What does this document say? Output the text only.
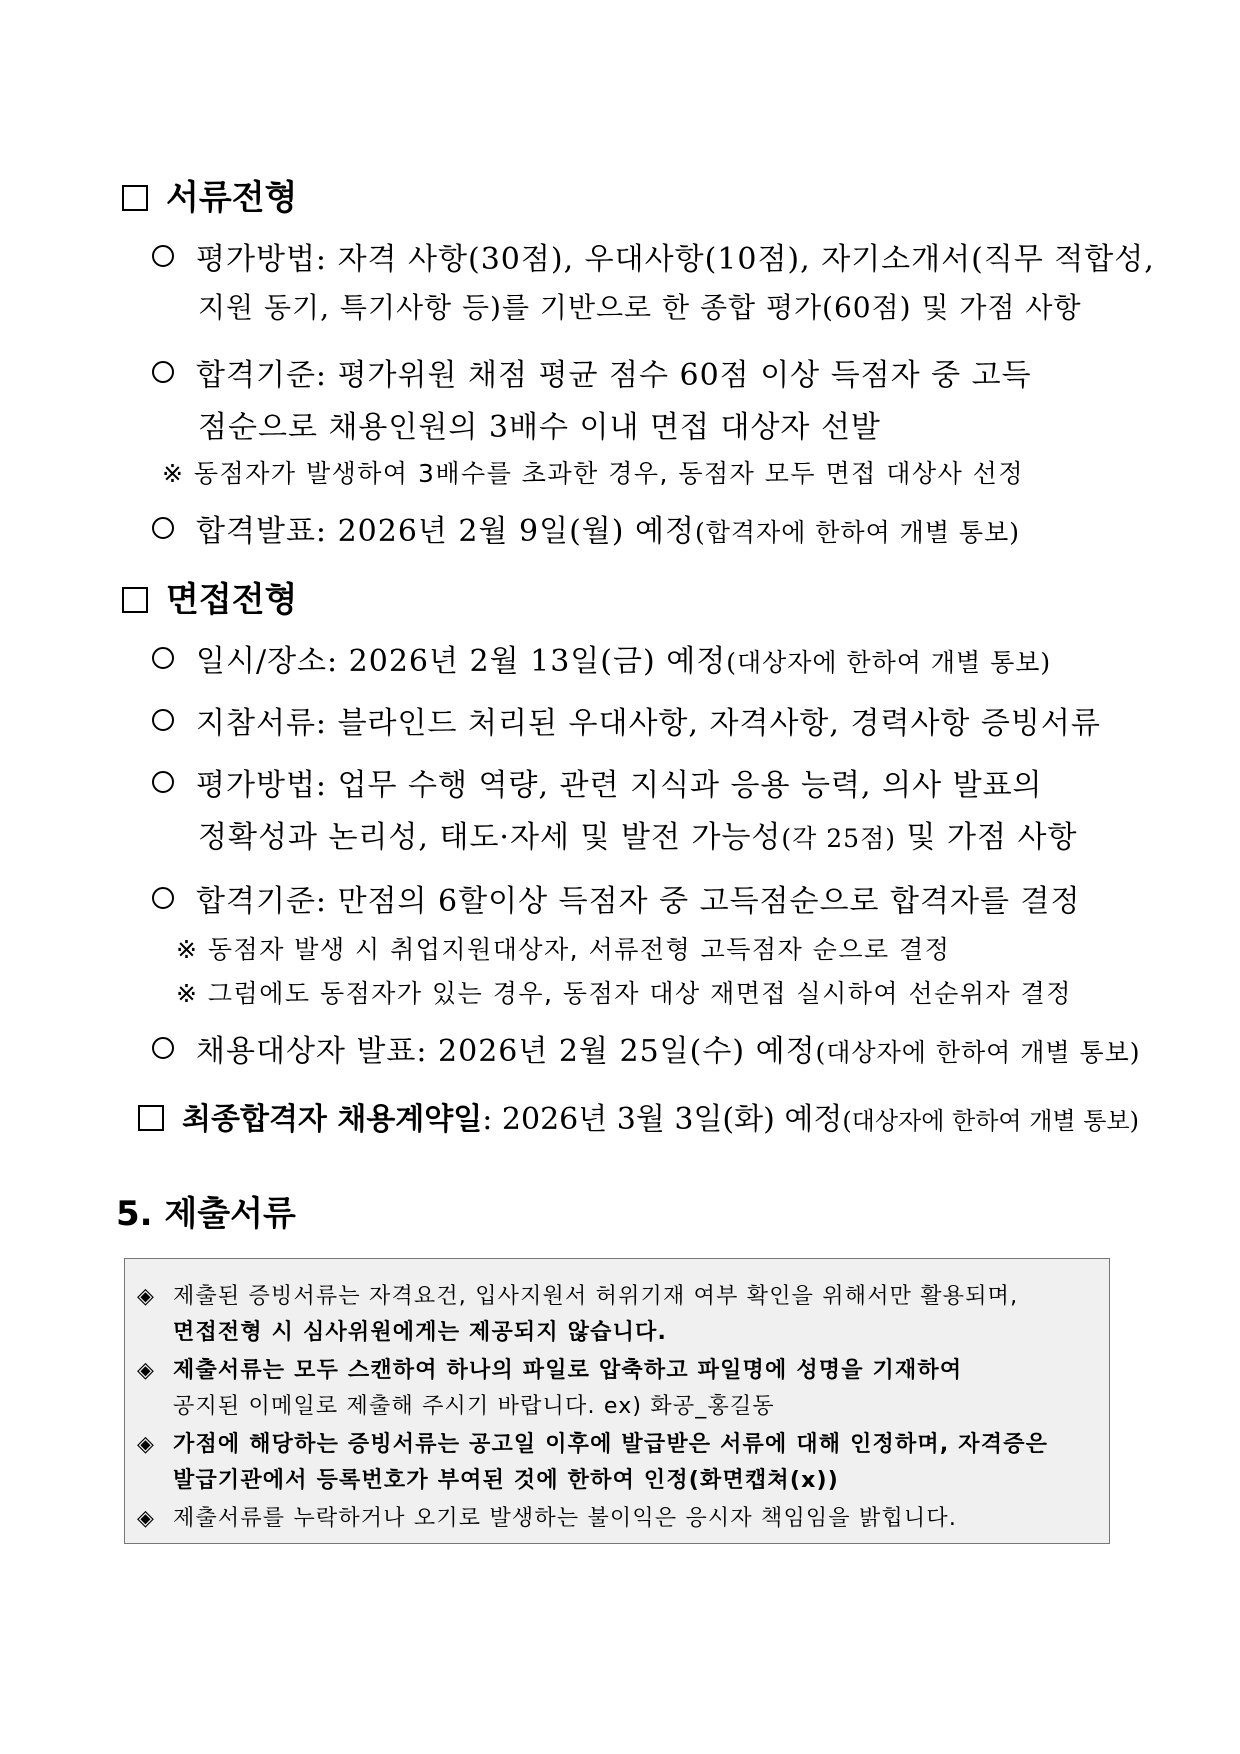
서류전형
평가방법: 자격 사항(30점), 우대사항(10점), 자기소개서(직무 적합성,
지원 동기, 특기사항 등)를 기반으로 한 종합 평가(60점) 및 가점 사항
합격기준: 평가위원 채점 평균 점수 60점 이상 득점자 중 고득
점순으로 채용인원의 3배수 이내 면접 대상자 선발
※ 동점자가 발생하여 3배수를 초과한 경우, 동점자 모두 면접 대상사 선정
합격발표: 2026년 2월 9일(월) 예정(합격자에 한하여 개별 통보)
면접전형
일시/장소: 2026년 2월 13일(금) 예정(대상자에 한하여 개별 통보)
지참서류: 블라인드 처리된 우대사항, 자격사항, 경력사항 증빙서류
평가방법: 업무 수행 역량, 관련 지식과 응용 능력, 의사 발표의
정확성과 논리성, 태도·자세 및 발전 가능성(각 25점) 및 가점 사항
합격기준: 만점의 6할이상 득점자 중 고득점순으로 합격자를 결정
※ 동점자 발생 시 취업지원대상자, 서류전형 고득점자 순으로 결정
※ 그럼에도 동점자가 있는 경우, 동점자 대상 재면접 실시하여 선순위자 결정
채용대상자 발표: 2026년 2월 25일(수) 예정(대상자에 한하여 개별 통보)
최종합격자 채용계약일: 2026년 3월 3일(화) 예정(대상자에 한하여 개별 통보)
5. 제출서류
◈ 제출된 증빙서류는 자격요건, 입사지원서 허위기재 여부 확인을 위해서만 활용되며,
면접전형 시 심사위원에게는 제공되지 않습니다.
◈ 제출서류는 모두 스캔하여 하나의 파일로 압축하고 파일명에 성명을 기재하여
공지된 이메일로 제출해 주시기 바랍니다. ex) 화공_홍길동
◈ 가점에 해당하는 증빙서류는 공고일 이후에 발급받은 서류에 대해 인정하며, 자격증은
발급기관에서 등록번호가 부여된 것에 한하여 인정(화면캡쳐(x))
◈ 제출서류를 누락하거나 오기로 발생하는 불이익은 응시자 책임임을 밝힙니다.
